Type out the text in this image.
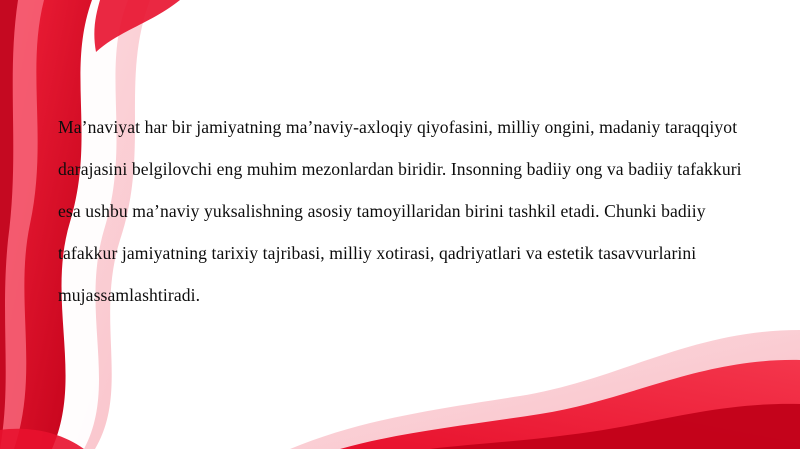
Ma’naviyat har bir jamiyatning ma’naviy-axloqiy qiyofasini, milliy ongini, madaniy taraqqiyot darajasini belgilovchi eng muhim mezonlardan biridir. Insonning badiiy ong va badiiy tafakkuri esa ushbu ma’naviy yuksalishning asosiy tamoyillaridan birini tashkil etadi. Chunki badiiy tafakkur jamiyatning tarixiy tajribasi, milliy xotirasi, qadriyatlari va estetik tasavvurlarini mujassamlashtiradi.
